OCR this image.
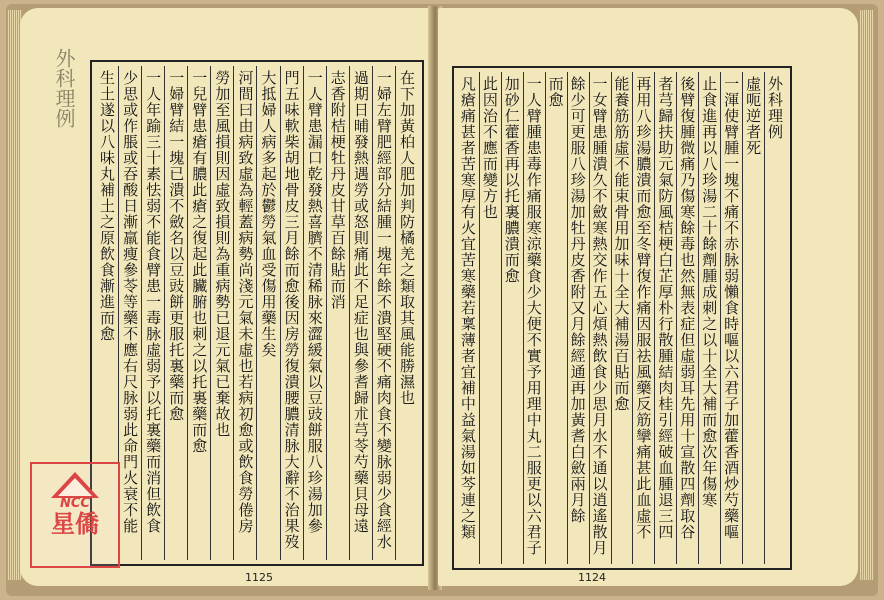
外科理例	在下加黃柏人肥加判防橘羌之類取其風能勝濕也
一婦左臂肥經部分結腫一塊年餘不潰堅硬不痛肉食不變脉弱少食經水
過期日晡發熱遇勞或怒則痛此不足症也與參耆歸朮芎苓芍藥貝母遠
志香附桔梗牡丹皮甘草百餘貼而消
一人臂患漏口乾發熱喜臍不清稀脉來澀緩氣以豆豉餅服八珍湯加參
門五味軟柴胡地骨皮三月餘而愈後因房勞復潰腰膿清脉大辭不治果歿
大抵婦人病多起於鬱勞氣血受傷用藥生矣
河間曰由病致虛為輕蓋病勢尚淺元氣未虛也若病初愈或飲食勞倦房
勞加至風損則因虛致損則為重病勢已退元氣已棄故也
一兒臂患瘡有膿此瘡之復起此臟腑也刺之以托裏藥而愈
一婦臂結一塊已潰不斂名以豆豉餅更服托裏藥而愈
一人年踰三十素怯弱不能食臂患一毒脉虛弱予以托裏藥而消但飲食
少思或作脹或吞酸日漸羸痩參苓等藥不應右尺脉弱此命門火衰不能
生土遂以八味丸補土之原飲食漸進而愈
1125
外科理例
虛呃逆者死
一渾使臂腫一塊不痛不赤脉弱懶食時嘔以六君子加藿香酒炒芍藥嘔
止食進再以八珍湯二十餘劑腫成刺之以十全大補而愈次年傷寒
後臂復腫微痛乃傷寒餘毒也然無表症但虛弱耳先用十宣散四劑取谷
者芎歸扶助元氣防風桔梗白芷厚朴行散腫結肉桂引經破血腫退三四
再用八珍湯膿潰而愈至冬臂復作痛因服祛風藥反筋攣痛甚此血虛不
能養筋筋虛不能束骨用加味十全大補湯百貼而愈
一女臂患腫潰久不斂寒熱交作五心煩熱飲食少思月水不通以逍遙散月
餘少可更服八珍湯加牡丹皮香附又月餘經通再加黃耆白斂兩月餘
而愈
一人臂腫患毒作痛服寒涼藥食少大便不實予用理中丸二服更以六君子
加砂仁藿香再以托裏膿潰而愈
此因治不應而變方也
凡瘡痛甚者苦寒厚有火宜苦寒藥若稟薄者宜補中益氣湯如芩連之類
1124
NCC
星僑
